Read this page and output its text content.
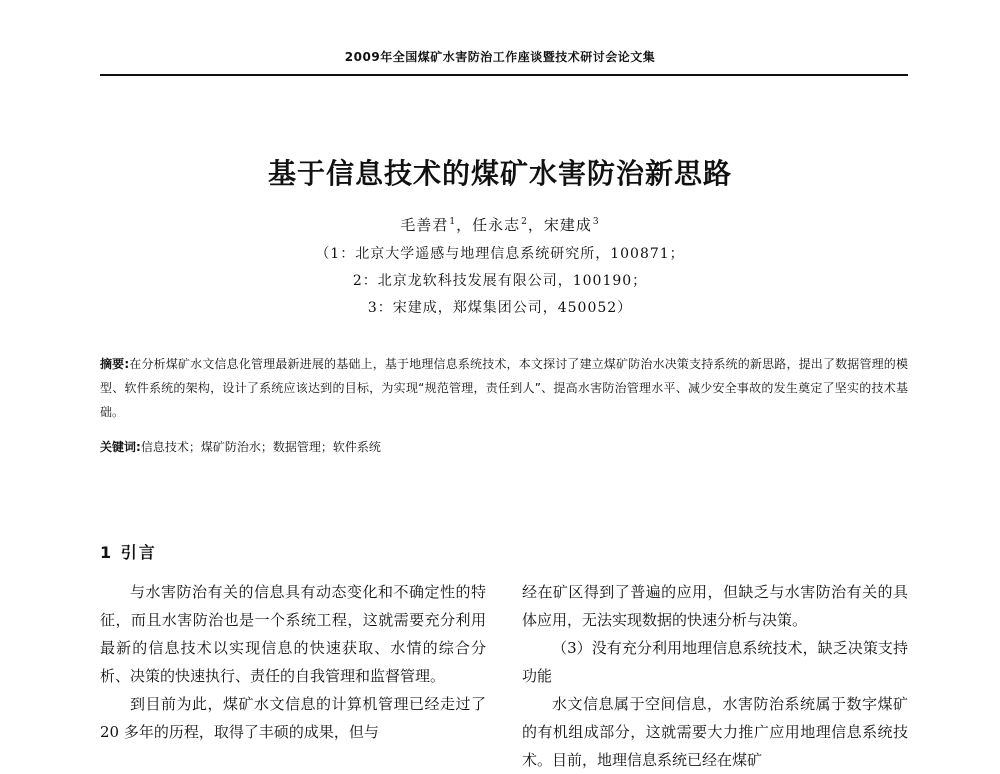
2009年全国煤矿水害防治工作座谈暨技术研讨会论文集
基于信息技术的煤矿水害防治新思路
毛善君$^1$，任永志$^2$，宋建成$^3$
（1：北京大学遥感与地理信息系统研究所，100871；
2：北京龙软科技发展有限公司，100190；
3：宋建成，郑煤集团公司，450052）
摘要:在分析煤矿水文信息化管理最新进展的基础上，基于地理信息系统技术，本文探讨了建立煤矿防治水决策支持系统的新思路，提出了数据管理的模型、软件系统的架构，设计了系统应该达到的目标，为实现“规范管理，责任到人”、提高水害防治管理水平、减少安全事故的发生奠定了坚实的技术基础。
关键词:信息技术；煤矿防治水；数据管理；软件系统
1 引言

与水害防治有关的信息具有动态变化和不确定性的特征，而且水害防治也是一个系统工程，这就需要充分利用最新的信息技术以实现信息的快速获取、水情的综合分析、决策的快速执行、责任的自我管理和监督管理。

到目前为此，煤矿水文信息的计算机管理已经走过了 20 多年的历程，取得了丰硕的成果，但与

经在矿区得到了普遍的应用，但缺乏与水害防治有关的具体应用，无法实现数据的快速分析与决策。

（3）没有充分利用地理信息系统技术，缺乏决策支持功能

水文信息属于空间信息，水害防治系统属于数字煤矿的有机组成部分，这就需要大力推广应用地理信息系统技术。目前，地理信息系统已经在煤矿
